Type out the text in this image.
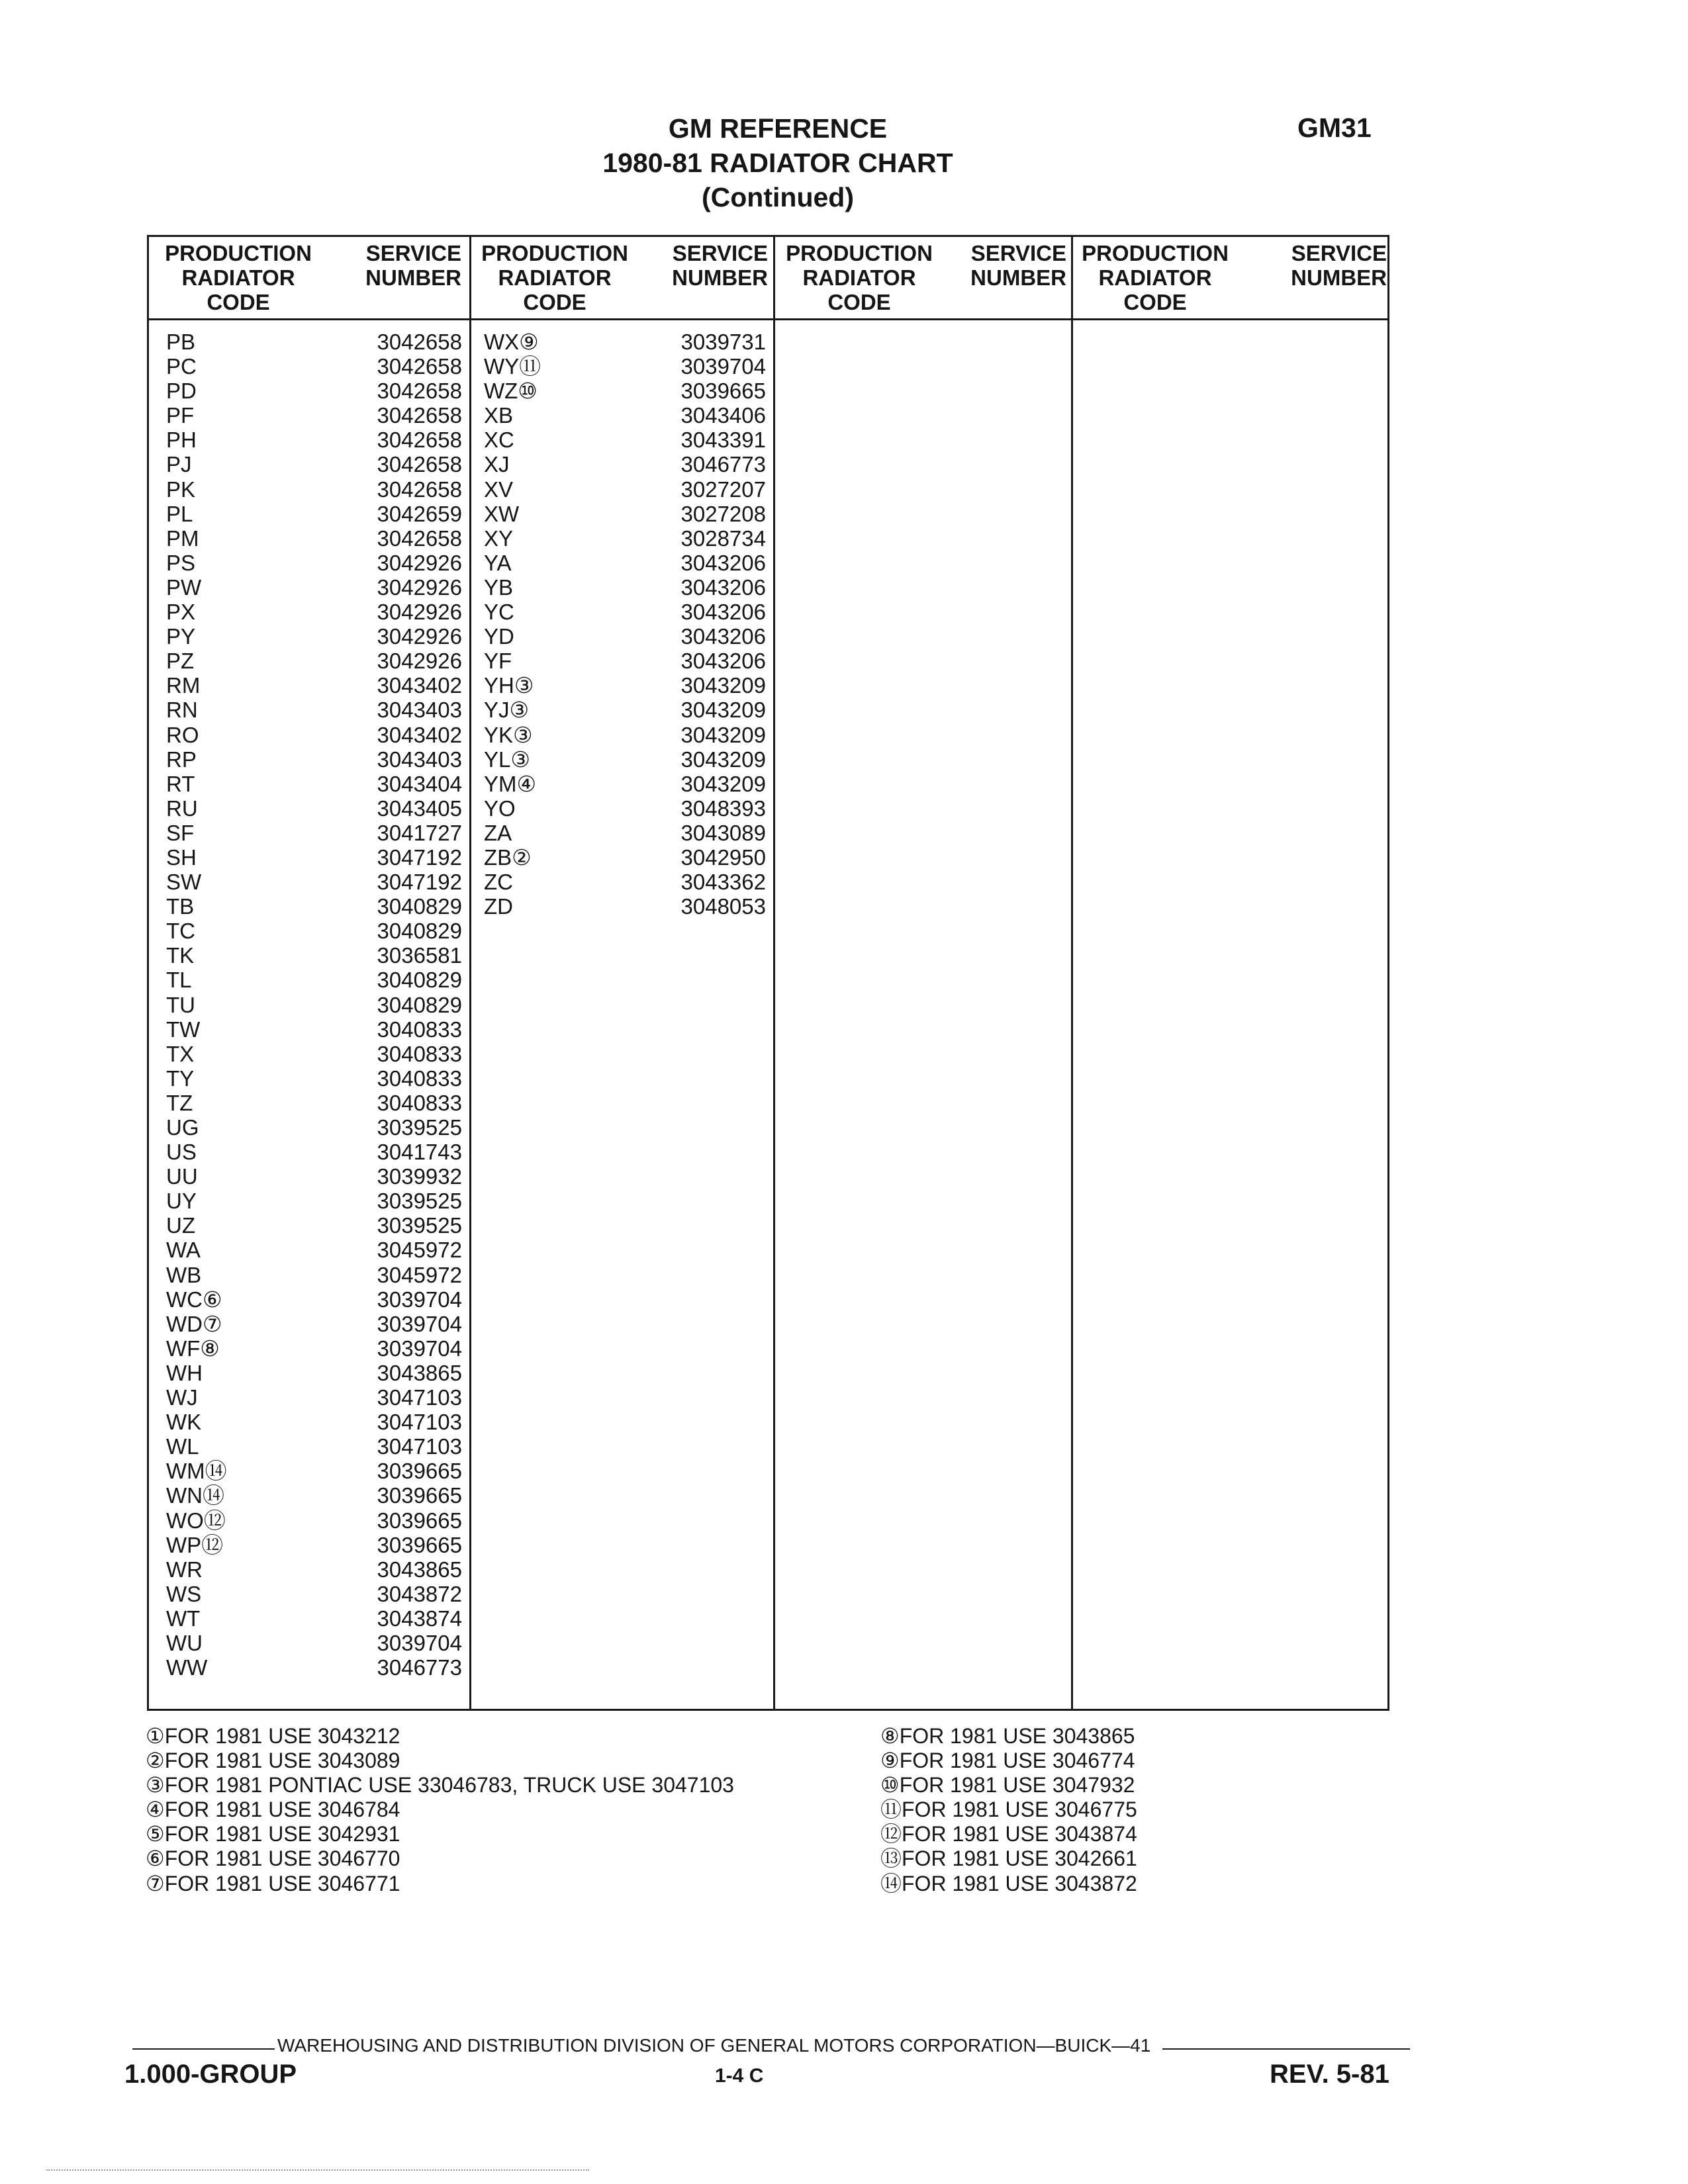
GM REFERENCE
1980-81 RADIATOR CHART
(Continued)
GM31
PRODUCTION
RADIATOR
CODE
SERVICE
NUMBER
PRODUCTION
RADIATOR
CODE
SERVICE
NUMBER
PRODUCTION
RADIATOR
CODE
SERVICE
NUMBER
PRODUCTION
RADIATOR
CODE
SERVICE
NUMBER
PB	3042658
PC	3042658
PD	3042658
PF	3042658
PH	3042658
PJ	3042658
PK	3042658
PL	3042659
PM	3042658
PS	3042926
PW	3042926
PX	3042926
PY	3042926
PZ	3042926
RM	3043402
RN	3043403
RO	3043402
RP	3043403
RT	3043404
RU	3043405
SF	3041727
SH	3047192
SW	3047192
TB	3040829
TC	3040829
TK	3036581
TL	3040829
TU	3040829
TW	3040833
TX	3040833
TY	3040833
TZ	3040833
UG	3039525
US	3041743
UU	3039932
UY	3039525
UZ	3039525
WA	3045972
WB	3045972
WC⑥	3039704
WD⑦	3039704
WF⑧	3039704
WH	3043865
WJ	3047103
WK	3047103
WL	3047103
WM⑭	3039665
WN⑭	3039665
WO⑫	3039665
WP⑫	3039665
WR	3043865
WS	3043872
WT	3043874
WU	3039704
WW	3046773
WX⑨	3039731
WY⑪	3039704
WZ⑩	3039665
XB	3043406
XC	3043391
XJ	3046773
XV	3027207
XW	3027208
XY	3028734
YA	3043206
YB	3043206
YC	3043206
YD	3043206
YF	3043206
YH③	3043209
YJ③	3043209
YK③	3043209
YL③	3043209
YM④	3043209
YO	3048393
ZA	3043089
ZB②	3042950
ZC	3043362
ZD	3048053
①FOR 1981 USE 3043212
②FOR 1981 USE 3043089
③FOR 1981 PONTIAC USE 33046783, TRUCK USE 3047103
④FOR 1981 USE 3046784
⑤FOR 1981 USE 3042931
⑥FOR 1981 USE 3046770
⑦FOR 1981 USE 3046771
⑧FOR 1981 USE 3043865
⑨FOR 1981 USE 3046774
⑩FOR 1981 USE 3047932
⑪FOR 1981 USE 3046775
⑫FOR 1981 USE 3043874
⑬FOR 1981 USE 3042661
⑭FOR 1981 USE 3043872
WAREHOUSING AND DISTRIBUTION DIVISION OF GENERAL MOTORS CORPORATION—BUICK—41
1.000-GROUP	1-4 C	REV. 5-81
